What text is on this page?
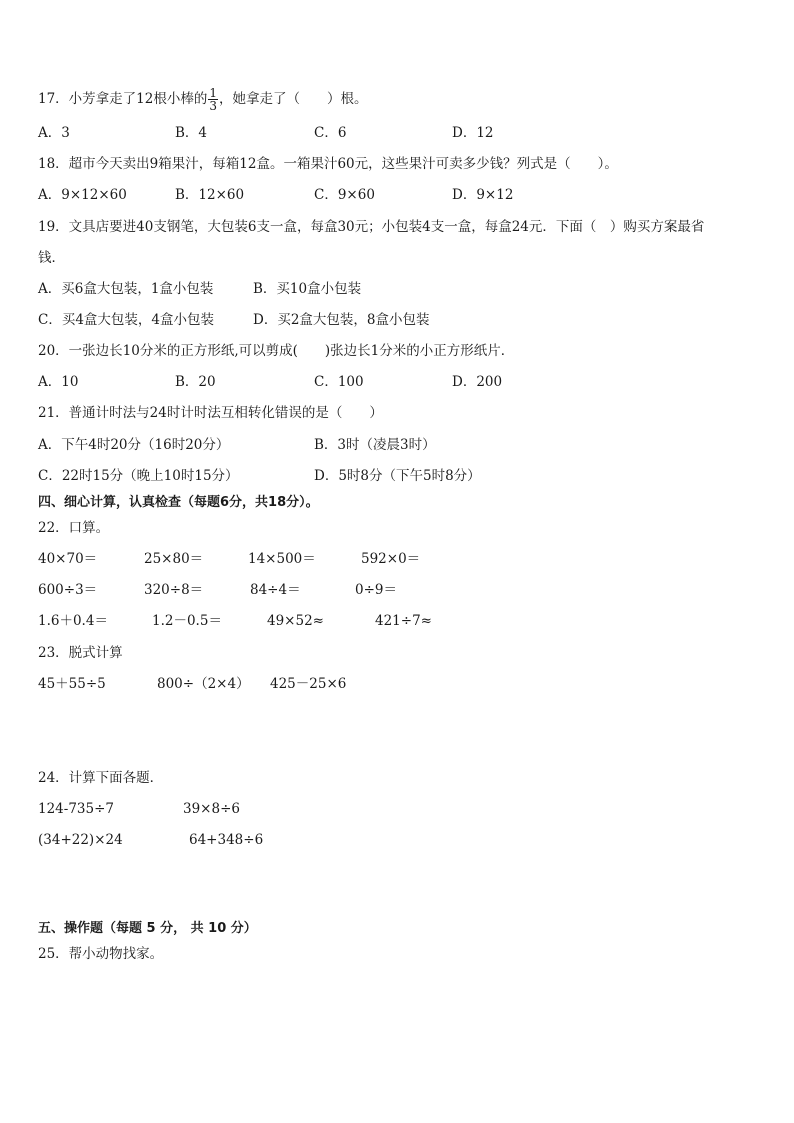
17．小芳拿走了12根小棒的 $\frac{1}{3}$ ，她拿走了（　　）根。
A．3	B．4	C．6	D．12
18．超市今天卖出9箱果汁，每箱12盒。一箱果汁60元，这些果汁可卖多少钱？列式是（　　）。
A．9×12×60	B．12×60	C．9×60	D．9×12
19．文具店要进40支钢笔，大包装6支一盒，每盒30元；小包装4支一盒，每盒24元．下面（　）购买方案最省
钱．
A．买6盒大包装，1盒小包装	B．买10盒小包装
C．买4盒大包装，4盒小包装	D．买2盒大包装，8盒小包装
20．一张边长10分米的正方形纸,可以剪成(　　)张边长1分米的小正方形纸片．
A．10	B．20	C．100	D．200
21．普通计时法与24时计时法互相转化错误的是（　　）
A．下午4时20分（16时20分）	B．3时（凌晨3时）
C．22时15分（晚上10时15分）	D．5时8分（下午5时8分）
四、细心计算，认真检查（每题6分，共18分）。
22．口算。
40×70＝	25×80＝	14×500＝	592×0＝
600÷3＝	320÷8＝	84÷4＝	0÷9＝
1.6＋0.4＝	1.2－0.5＝	49×52≈	421÷7≈
23．脱式计算
45＋55÷5	800÷（2×4） 425－25×6
24．计算下面各题．
124-735÷7	39×8÷6
(34+22)×24	64+348÷6
五、操作题（每题 5 分， 共 10 分）
25．帮小动物找家。
